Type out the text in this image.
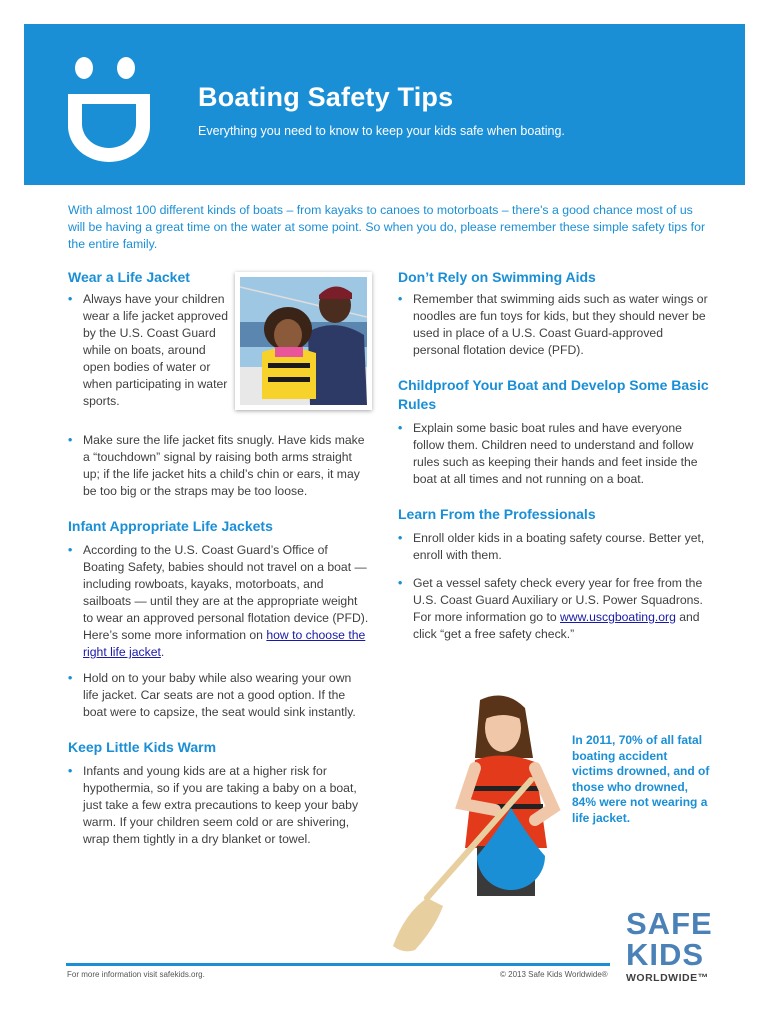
Boating Safety Tips
Everything you need to know to keep your kids safe when boating.
With almost 100 different kinds of boats – from kayaks to canoes to motorboats – there's a good chance most of us will be having a great time on the water at some point. So when you do, please remember these simple safety tips for the entire family.
Wear a Life Jacket
• Always have your children wear a life jacket approved by the U.S. Coast Guard while on boats, around open bodies of water or when participating in water sports.
• Make sure the life jacket fits snugly. Have kids make a “touchdown” signal by raising both arms straight up; if the life jacket hits a child’s chin or ears, it may be too big or the straps may be too loose.
Infant Appropriate Life Jackets
• According to the U.S. Coast Guard’s Office of Boating Safety, babies should not travel on a boat — including rowboats, kayaks, motorboats, and sailboats — until they are at the appropriate weight to wear an approved personal flotation device (PFD). Here’s some more information on how to choose the right life jacket.
• Hold on to your baby while also wearing your own life jacket. Car seats are not a good option. If the boat were to capsize, the seat would sink instantly.
Keep Little Kids Warm
• Infants and young kids are at a higher risk for hypothermia, so if you are taking a baby on a boat, just take a few extra precautions to keep your baby warm. If your children seem cold or are shivering, wrap them tightly in a dry blanket or towel.
Don’t Rely on Swimming Aids
• Remember that swimming aids such as water wings or noodles are fun toys for kids, but they should never be used in place of a U.S. Coast Guard-approved personal flotation device (PFD).
Childproof Your Boat and Develop Some Basic Rules
• Explain some basic boat rules and have everyone follow them. Children need to understand and follow rules such as keeping their hands and feet inside the boat at all times and not running on a boat.
Learn From the Professionals
• Enroll older kids in a boating safety course. Better yet, enroll with them.
• Get a vessel safety check every year for free from the U.S. Coast Guard Auxiliary or U.S. Power Squadrons. For more information go to www.uscgboating.org and click “get a free safety check.”
In 2011, 70% of all fatal boating accident victims drowned, and of those who drowned, 84% were not wearing a life jacket.
SAFE
KIDS
WORLDWIDE™
For more information visit safekids.org.	© 2013 Safe Kids Worldwide®
